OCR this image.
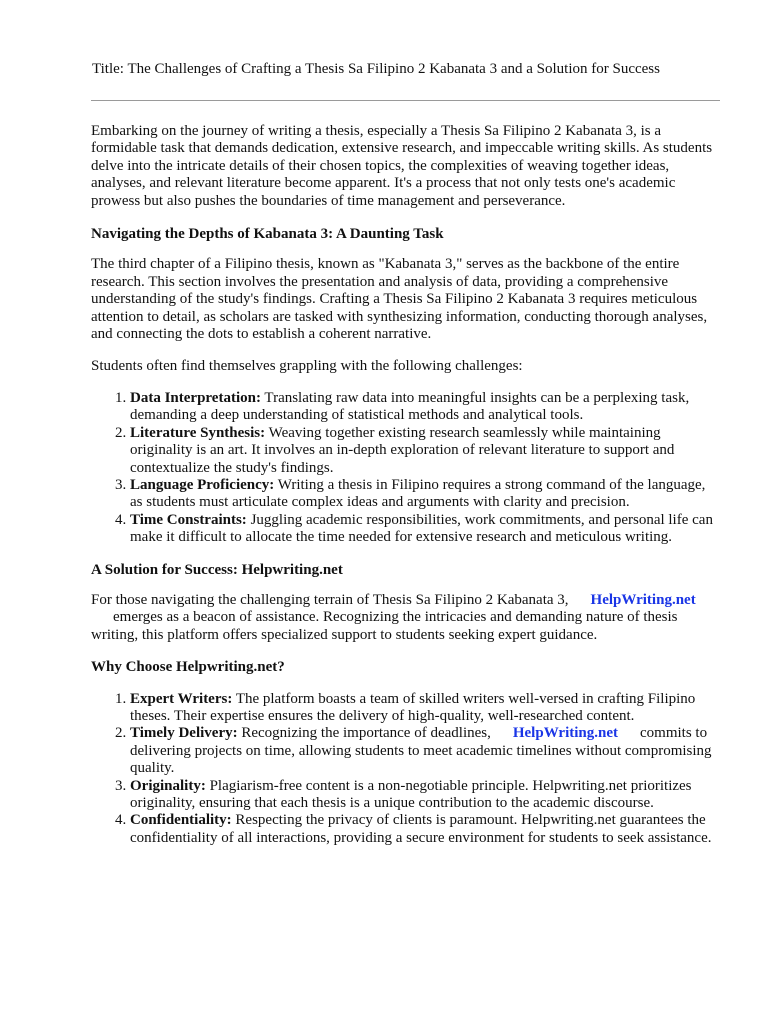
Title: The Challenges of Crafting a Thesis Sa Filipino 2 Kabanata 3 and a Solution for Success

Embarking on the journey of writing a thesis, especially a Thesis Sa Filipino 2 Kabanata 3, is a formidable task that demands dedication, extensive research, and impeccable writing skills. As students delve into the intricate details of their chosen topics, the complexities of weaving together ideas, analyses, and relevant literature become apparent. It's a process that not only tests one's academic prowess but also pushes the boundaries of time management and perseverance.

Navigating the Depths of Kabanata 3: A Daunting Task

The third chapter of a Filipino thesis, known as "Kabanata 3," serves as the backbone of the entire research. This section involves the presentation and analysis of data, providing a comprehensive understanding of the study's findings. Crafting a Thesis Sa Filipino 2 Kabanata 3 requires meticulous attention to detail, as scholars are tasked with synthesizing information, conducting thorough analyses, and connecting the dots to establish a coherent narrative.

Students often find themselves grappling with the following challenges:

1. Data Interpretation: Translating raw data into meaningful insights can be a perplexing task, demanding a deep understanding of statistical methods and analytical tools.
2. Literature Synthesis: Weaving together existing research seamlessly while maintaining originality is an art. It involves an in-depth exploration of relevant literature to support and contextualize the study's findings.
3. Language Proficiency: Writing a thesis in Filipino requires a strong command of the language, as students must articulate complex ideas and arguments with clarity and precision.
4. Time Constraints: Juggling academic responsibilities, work commitments, and personal life can make it difficult to allocate the time needed for extensive research and meticulous writing.
A Solution for Success: Helpwriting.net

For those navigating the challenging terrain of Thesis Sa Filipino 2 Kabanata 3, HelpWriting.net
emerges as a beacon of assistance. Recognizing the intricacies and demanding nature of thesis writing, this platform offers specialized support to students seeking expert guidance.

Why Choose Helpwriting.net?
1. Expert Writers: The platform boasts a team of skilled writers well-versed in crafting Filipino theses. Their expertise ensures the delivery of high-quality, well-researched content.
2. Timely Delivery: Recognizing the importance of deadlines, HelpWriting.net commits to delivering projects on time, allowing students to meet academic timelines without compromising quality.
3. Originality: Plagiarism-free content is a non-negotiable principle. Helpwriting.net prioritizes originality, ensuring that each thesis is a unique contribution to the academic discourse.
4. Confidentiality: Respecting the privacy of clients is paramount. Helpwriting.net guarantees the confidentiality of all interactions, providing a secure environment for students to seek assistance.
